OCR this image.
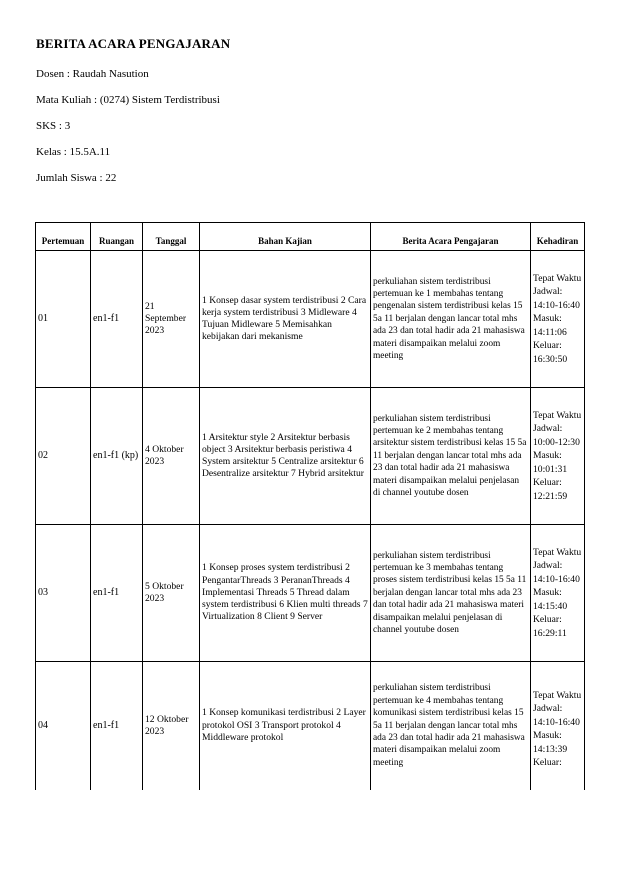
BERITA ACARA PENGAJARAN
Dosen : Raudah Nasution
Mata Kuliah : (0274) Sistem Terdistribusi
SKS : 3
Kelas : 15.5A.11
Jumlah Siswa : 22
Pertemuan	Ruangan	Tanggal	Bahan Kajian	Berita Acara Pengajaran	Kehadiran
01	en1-f1	21 September 2023	1 Konsep dasar system terdistribusi 2 Cara kerja system terdistribusi 3 Midleware 4 Tujuan Midleware 5 Memisahkan kebijakan dari mekanisme	perkuliahan sistem terdistribusi pertemuan ke 1 membahas tentang pengenalan sistem terdistribusi kelas 15 5a 11 berjalan dengan lancar total mhs ada 23 dan total hadir ada 21 mahasiswa materi disampaikan melalui zoom meeting	Tepat Waktu Jadwal: 14:10-16:40 Masuk: 14:11:06 Keluar: 16:30:50
02	en1-f1 (kp)	4 Oktober 2023	1 Arsitektur style 2 Arsitektur berbasis object 3 Arsitektur berbasis peristiwa 4 System arsitektur 5 Centralize arsitektur 6 Desentralize arsitektur 7 Hybrid arsitektur	perkuliahan sistem terdistribusi pertemuan ke 2 membahas tentang arsitektur sistem terdistribusi kelas 15 5a 11 berjalan dengan lancar total mhs ada 23 dan total hadir ada 21 mahasiswa materi disampaikan melalui penjelasan di channel youtube dosen	Tepat Waktu Jadwal: 10:00-12:30 Masuk: 10:01:31 Keluar: 12:21:59
03	en1-f1	5 Oktober 2023	1 Konsep proses system terdistribusi 2 PengantarThreads 3 PerananThreads 4 Implementasi Threads 5 Thread dalam system terdistribusi 6 Klien multi threads 7 Virtualization 8 Client 9 Server	perkuliahan sistem terdistribusi pertemuan ke 3 membahas tentang proses sistem terdistribusi kelas 15 5a 11 berjalan dengan lancar total mhs ada 23 dan total hadir ada 21 mahasiswa materi disampaikan melalui penjelasan di channel youtube dosen	Tepat Waktu Jadwal: 14:10-16:40 Masuk: 14:15:40 Keluar: 16:29:11
04	en1-f1	12 Oktober 2023	1 Konsep komunikasi terdistribusi 2 Layer protokol OSI 3 Transport protokol 4 Middleware protokol	perkuliahan sistem terdistribusi pertemuan ke 4 membahas tentang komunikasi sistem terdistribusi kelas 15 5a 11 berjalan dengan lancar total mhs ada 23 dan total hadir ada 21 mahasiswa materi disampaikan melalui zoom meeting	Tepat Waktu Jadwal: 14:10-16:40 Masuk: 14:13:39 Keluar:
